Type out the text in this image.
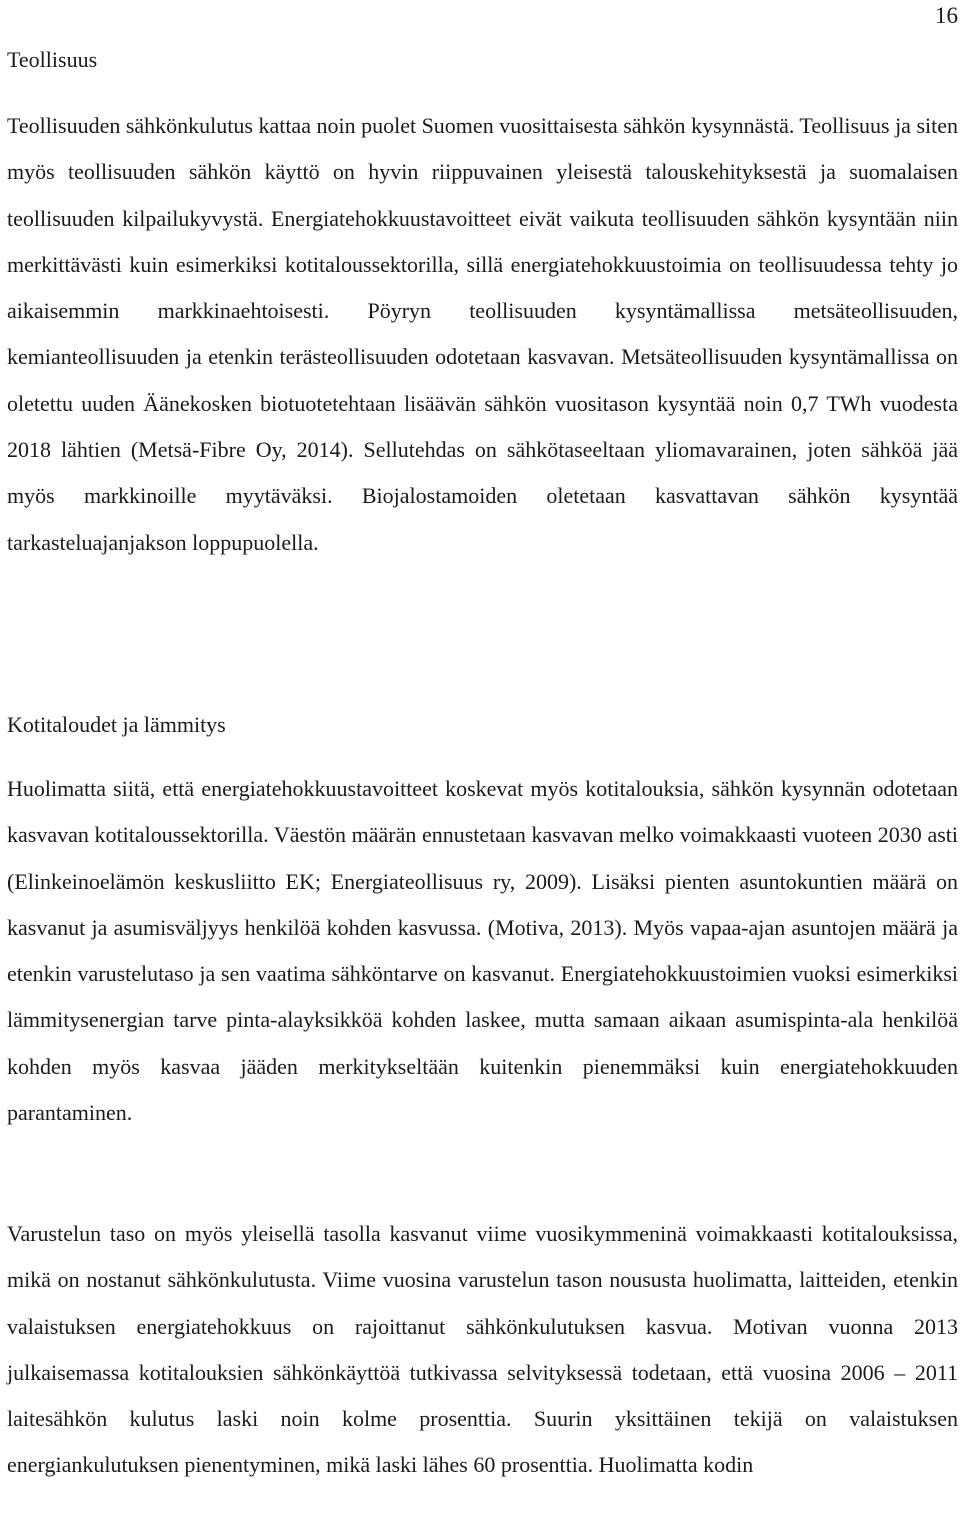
16
Teollisuus
Teollisuuden sähkönkulutus kattaa noin puolet Suomen vuosittaisesta sähkön kysynnästä. Teollisuus ja siten myös teollisuuden sähkön käyttö on hyvin riippuvainen yleisestä talouskehityksestä ja suomalaisen teollisuuden kilpailukyvystä. Energiatehokkuustavoitteet eivät vaikuta teollisuuden sähkön kysyntään niin merkittävästi kuin esimerkiksi kotitaloussektorilla, sillä energiatehokkuustoimia on teollisuudessa tehty jo aikaisemmin markkinaehtoisesti. Pöyryn teollisuuden kysyntämallissa metsäteollisuuden, kemianteollisuuden ja etenkin terästeollisuuden odotetaan kasvavan. Metsäteollisuuden kysyntämallissa on oletettu uuden Äänekosken biotuotetehtaan lisäävän sähkön vuositason kysyntää noin 0,7 TWh vuodesta 2018 lähtien (Metsä-Fibre Oy, 2014). Sellutehdas on sähkötaseeltaan yliomavarainen, joten sähköä jää myös markkinoille myytäväksi. Biojalostamoiden oletetaan kasvattavan sähkön kysyntää tarkasteluajanjakson loppupuolella.
Kotitaloudet ja lämmitys
Huolimatta siitä, että energiatehokkuustavoitteet koskevat myös kotitalouksia, sähkön kysynnän odotetaan kasvavan kotitaloussektorilla. Väestön määrän ennustetaan kasvavan melko voimakkaasti vuoteen 2030 asti (Elinkeinoelämön keskusliitto EK; Energiateollisuus ry, 2009). Lisäksi pienten asuntokuntien määrä on kasvanut ja asumisväljyys henkilöä kohden kasvussa. (Motiva, 2013). Myös vapaa-ajan asuntojen määrä ja etenkin varustelutaso ja sen vaatima sähköntarve on kasvanut. Energiatehokkuustoimien vuoksi esimerkiksi lämmitysenergian tarve pinta-alayksikköä kohden laskee, mutta samaan aikaan asumispinta-ala henkilöä kohden myös kasvaa jääden merkitykseltään kuitenkin pienemmäksi kuin energiatehokkuuden parantaminen.
Varustelun taso on myös yleisellä tasolla kasvanut viime vuosikymmeninä voimakkaasti kotitalouksissa, mikä on nostanut sähkönkulutusta. Viime vuosina varustelun tason noususta huolimatta, laitteiden, etenkin valaistuksen energiatehokkuus on rajoittanut sähkönkulutuksen kasvua. Motivan vuonna 2013 julkaisemassa kotitalouksien sähkönkäyttöä tutkivassa selvityksessä todetaan, että vuosina 2006 – 2011 laitesähkön kulutus laski noin kolme prosenttia. Suurin yksittäinen tekijä on valaistuksen energiankulutuksen pienentyminen, mikä laski lähes 60 prosenttia. Huolimatta kodin
